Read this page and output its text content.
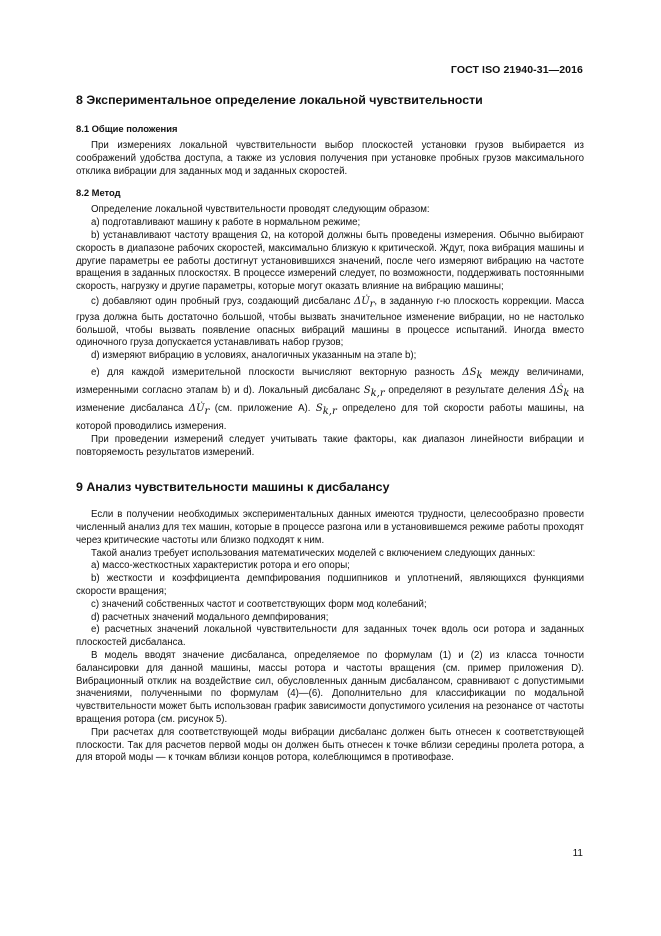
ГОСТ ISO 21940-31—2016
8 Экспериментальное определение локальной чувствительности
8.1 Общие положения

При измерениях локальной чувствительности выбор плоскостей установки грузов выбирается из соображений удобства доступа, а также из условия получения при установке пробных грузов максимального отклика вибрации для заданных мод и заданных скоростей.

8.2 Метод

Определение локальной чувствительности проводят следующим образом:

a) подготавливают машину к работе в нормальном режиме;

b) устанавливают частоту вращения Ω, на которой должны быть проведены измерения. Обычно выбирают скорость в диапазоне рабочих скоростей, максимально близкую к критической. Ждут, пока вибрация машины и другие параметры ее работы достигнут установившихся значений, после чего измеряют вибрацию на частоте вращения в заданных плоскостях. В процессе измерений следует, по возможности, поддерживать постоянными скорость, нагрузку и другие параметры, которые могут оказать влияние на вибрацию машины;

c) добавляют один пробный груз, создающий дисбаланс $\Delta U̇_r$, в заданную r-ю плоскость коррекции. Масса груза должна быть достаточно большой, чтобы вызвать значительное изменение вибрации, но не настолько большой, чтобы вызвать появление опасных вибраций машины в процессе испытаний. Иногда вместо одиночного груза допускается устанавливать набор грузов;

d) измеряют вибрацию в условиях, аналогичных указанным на этапе b);

e) для каждой измерительной плоскости вычисляют векторную разность $\Delta S_k$ между величинами, измеренными согласно этапам b) и d). Локальный дисбаланс $S_{k,r}$ определяют в результате деления ΔṠ$_k$ на изменение дисбаланса $\Delta U̇_r$ (см. приложение А). $S_{k,r}$ определено для той скорости работы машины, на которой проводились измерения.

При проведении измерений следует учитывать такие факторы, как диапазон линейности вибрации и повторяемость результатов измерений.

9 Анализ чувствительности машины к дисбалансу

Если в получении необходимых экспериментальных данных имеются трудности, целесообразно провести численный анализ для тех машин, которые в процессе разгона или в установившемся режиме работы проходят через критические частоты или близко подходят к ним.

Такой анализ требует использования математических моделей с включением следующих данных:

a) массо-жесткостных характеристик ротора и его опоры;

b) жесткости и коэффициента демпфирования подшипников и уплотнений, являющихся функциями скорости вращения;

c) значений собственных частот и соответствующих форм мод колебаний;

d) расчетных значений модального демпфирования;

e) расчетных значений локальной чувствительности для заданных точек вдоль оси ротора и заданных плоскостей дисбаланса.

В модель вводят значение дисбаланса, определяемое по формулам (1) и (2) из класса точности балансировки для данной машины, массы ротора и частоты вращения (см. пример приложения D). Вибрационный отклик на воздействие сил, обусловленных данным дисбалансом, сравнивают с допустимыми значениями, полученными по формулам (4)—(6). Дополнительно для классификации по модальной чувствительности может быть использован график зависимости допустимого усиления на резонансе от частоты вращения ротора (см. рисунок 5).

При расчетах для соответствующей моды вибрации дисбаланс должен быть отнесен к соответствующей плоскости. Так для расчетов первой моды он должен быть отнесен к точке вблизи середины пролета ротора, а для второй моды — к точкам вблизи концов ротора, колеблющимся в противофазе.

11
